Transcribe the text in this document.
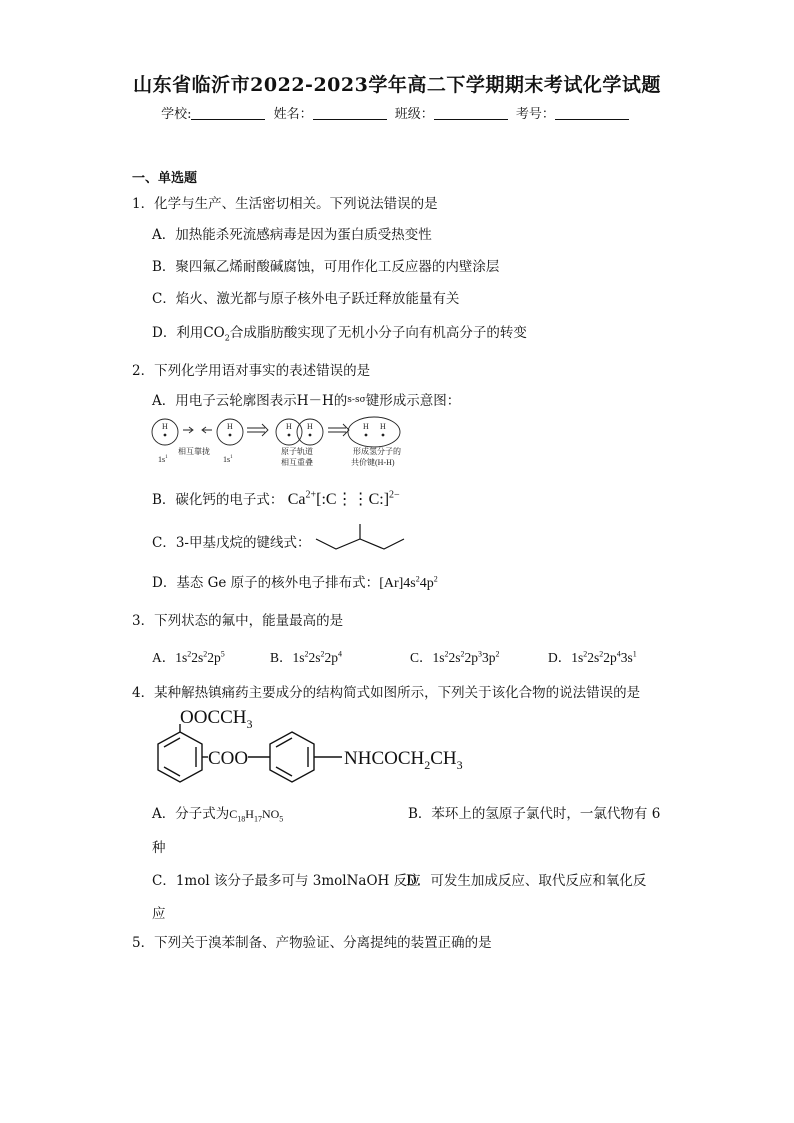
山东省临沂市2022-2023学年高二下学期期末考试化学试题
学校:	姓名：	班级：	考号：
一、单选题
1．化学与生产、生活密切相关。下列说法错误的是
A．加热能杀死流感病毒是因为蛋白质受热变性
B．聚四氟乙烯耐酸碱腐蚀，可用作化工反应器的内壁涂层
C．焰火、激光都与原子核外电子跃迁释放能量有关
D．利用$CO_2$合成脂肪酸实现了无机小分子向有机高分子的转变
2．下列化学用语对事实的表述错误的是
A．用电子云轮廓图表示H－H的$^{s-s\sigma}$键形成示意图：
H	H	H H	H H
$1s^1$
相互靠拢
$1s^1$
原子轨道
相互重叠
形成氢分子的
共价键(H-H)
B．碳化钙的电子式： $Ca^{2+}[:C⋮⋮C:]^{2-}$
C．3-甲基戊烷的键线式：
D．基态 Ge 原子的核外电子排布式：$[Ar]4s^24p^2$
3．下列状态的氟中，能量最高的是
A．$1s^22s^22p^5$	B．$1s^22s^22p^4$	C．$1s^22s^22p^33p^2$	D．$1s^22s^22p^43s^1$
4．某种解热镇痛药主要成分的结构简式如图所示，下列关于该化合物的说法错误的是
$OOCCH_3$
COO	$NHCOCH_2CH_3$
A．分子式为$C_{18}H_{17}NO_5$	B．苯环上的氢原子氯代时，一氯代物有 6
种
C．1mol 该分子最多可与 3molNaOH 反应
D．可发生加成反应、取代反应和氧化反
应
5．下列关于溴苯制备、产物验证、分离提纯的装置正确的是
